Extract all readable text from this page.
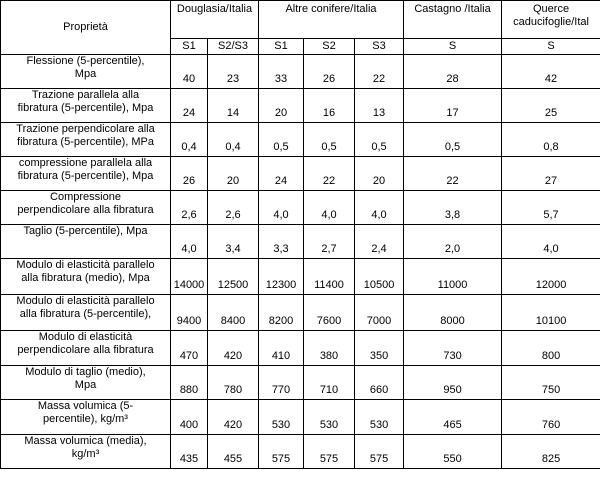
Proprietà	Douglasia/Italia		Altre conifere/Italia			Castagno /Italia	Querce
caducifoglie/Ital

	S1	S2/S3	S1	S2	S3	S	S

Flessione (5-percentile),
Mpa	40	23	33	26	22	28	42

Trazione parallela alla
fibratura (5-percentile), Mpa	24	14	20	16	13	17	25

Trazione perpendicolare alla
fibratura (5-percentile), MPa	0,4	0,4	0,5	0,5	0,5	0,5	0,8

compressione parallela alla
fibratura (5-percentile), Mpa	26	20	24	22	20	22	27

Compressione
perpendicolare alla fibratura	2,6	2,6	4,0	4,0	4,0	3,8	5,7

Taglio (5-percentile), Mpa	4,0	3,4	3,3	2,7	2,4	2,0	4,0

Modulo di elasticità parallelo
alla fibratura (medio), Mpa	14000	12500	12300	11400	10500	11000	12000

Modulo di elasticità parallelo
alla fibratura (5-percentile),	9400	8400	8200	7600	7000	8000	10100

Modulo di elasticità
perpendicolare alla fibratura	470	420	410	380	350	730	800

Modulo di taglio (medio),
Mpa	880	780	770	710	660	950	750

Massa volumica (5-
percentile), kg/m³	400	420	530	530	530	465	760

Massa volumica (media),
kg/m³	435	455	575	575	575	550	825
